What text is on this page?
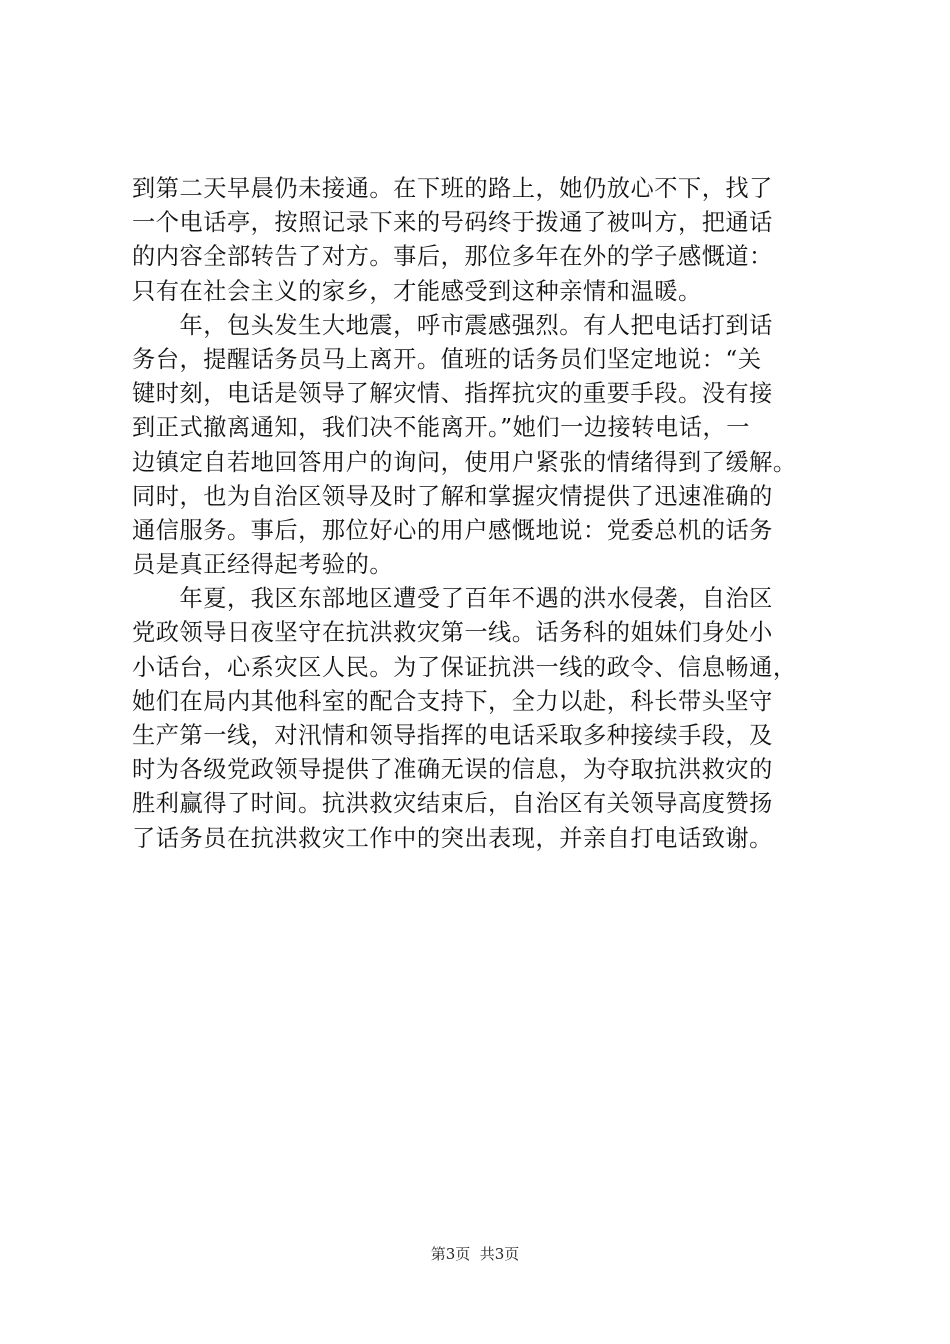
到第二天早晨仍未接通。在下班的路上，她仍放心不下，找了
一个电话亭，按照记录下来的号码终于拨通了被叫方，把通话
的内容全部转告了对方。事后，那位多年在外的学子感慨道：
只有在社会主义的家乡，才能感受到这种亲情和温暖。
　　年，包头发生大地震，呼市震感强烈。有人把电话打到话
务台，提醒话务员马上离开。值班的话务员们坚定地说：“关
键时刻，电话是领导了解灾情、指挥抗灾的重要手段。没有接
到正式撤离通知，我们决不能离开。”她们一边接转电话，一
边镇定自若地回答用户的询问，使用户紧张的情绪得到了缓解。
同时，也为自治区领导及时了解和掌握灾情提供了迅速准确的
通信服务。事后，那位好心的用户感慨地说：党委总机的话务
员是真正经得起考验的。
　　年夏，我区东部地区遭受了百年不遇的洪水侵袭，自治区
党政领导日夜坚守在抗洪救灾第一线。话务科的姐妹们身处小
小话台，心系灾区人民。为了保证抗洪一线的政令、信息畅通，
她们在局内其他科室的配合支持下，全力以赴，科长带头坚守
生产第一线，对汛情和领导指挥的电话采取多种接续手段，及
时为各级党政领导提供了准确无误的信息，为夺取抗洪救灾的
胜利赢得了时间。抗洪救灾结束后，自治区有关领导高度赞扬
了话务员在抗洪救灾工作中的突出表现，并亲自打电话致谢。
第3页  共3页
